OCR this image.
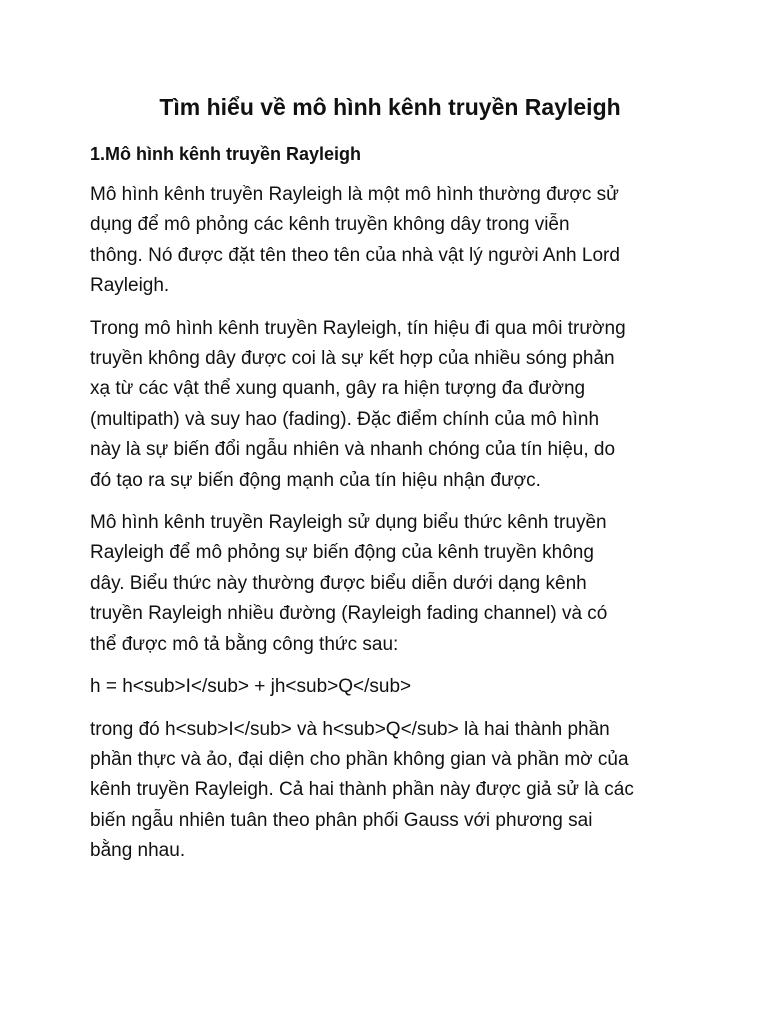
Tìm hiểu về mô hình kênh truyền Rayleigh
1.Mô hình kênh truyền Rayleigh

Mô hình kênh truyền Rayleigh là một mô hình thường được sử
dụng để mô phỏng các kênh truyền không dây trong viễn
thông. Nó được đặt tên theo tên của nhà vật lý người Anh Lord
Rayleigh.

Trong mô hình kênh truyền Rayleigh, tín hiệu đi qua môi trường
truyền không dây được coi là sự kết hợp của nhiều sóng phản
xạ từ các vật thể xung quanh, gây ra hiện tượng đa đường
(multipath) và suy hao (fading). Đặc điểm chính của mô hình
này là sự biến đổi ngẫu nhiên và nhanh chóng của tín hiệu, do
đó tạo ra sự biến động mạnh của tín hiệu nhận được.

Mô hình kênh truyền Rayleigh sử dụng biểu thức kênh truyền
Rayleigh để mô phỏng sự biến động của kênh truyền không
dây. Biểu thức này thường được biểu diễn dưới dạng kênh
truyền Rayleigh nhiều đường (Rayleigh fading channel) và có
thể được mô tả bằng công thức sau:

h = h<sub>I</sub> + jh<sub>Q</sub>

trong đó h<sub>I</sub> và h<sub>Q</sub> là hai thành phần
phần thực và ảo, đại diện cho phần không gian và phần mờ của
kênh truyền Rayleigh. Cả hai thành phần này được giả sử là các
biến ngẫu nhiên tuân theo phân phối Gauss với phương sai
bằng nhau.
